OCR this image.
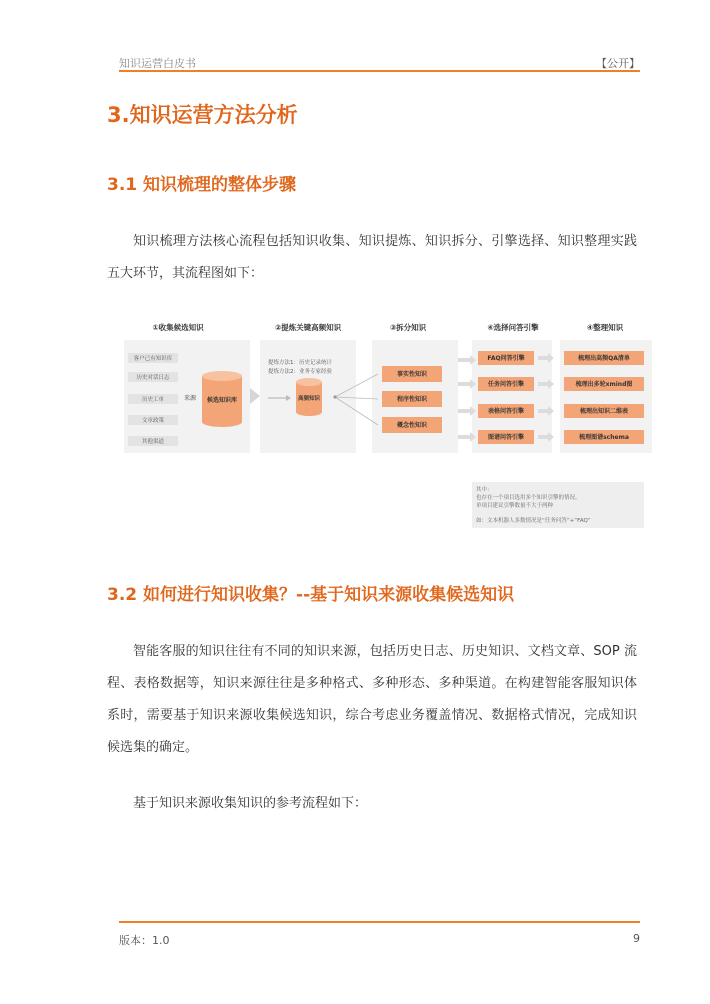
知识运营白皮书	【公开】
3.知识运营方法分析
3.1 知识梳理的整体步骤

知识梳理方法核心流程包括知识收集、知识提炼、知识拆分、引擎选择、知识整理实践五大环节，其流程图如下：

①收集候选知识	②提炼关键高频知识	③拆分知识	④选择问答引擎	④整理知识
客户已有知识库
历史对话日志
历史工单
文章政策
其他渠道
来源 候选知识库
提炼方法1：历史记录统计
提炼方法2：业务专家经验
高频知识
事实性知识
程序性知识
概念性知识
FAQ问答引擎
任务问答引擎
表格问答引擎
图谱问答引擎
梳理出高频QA清单
梳理出多轮xmind图
梳理出知识二维表
梳理图谱schema
其中：
也存在一个项目选用多个知识引擎的情况。
单项目建议引擎数量不大于两种
如：文本机器人多数情况是“任务问答”+“FAQ”
3.2 如何进行知识收集？--基于知识来源收集候选知识

智能客服的知识往往有不同的知识来源，包括历史日志、历史知识、文档文章、SOP 流程、表格数据等，知识来源往往是多种格式、多种形态、多种渠道。在构建智能客服知识体系时，需要基于知识来源收集候选知识，综合考虑业务覆盖情况、数据格式情况，完成知识候选集的确定。

基于知识来源收集知识的参考流程如下：

版本：1.0	9
